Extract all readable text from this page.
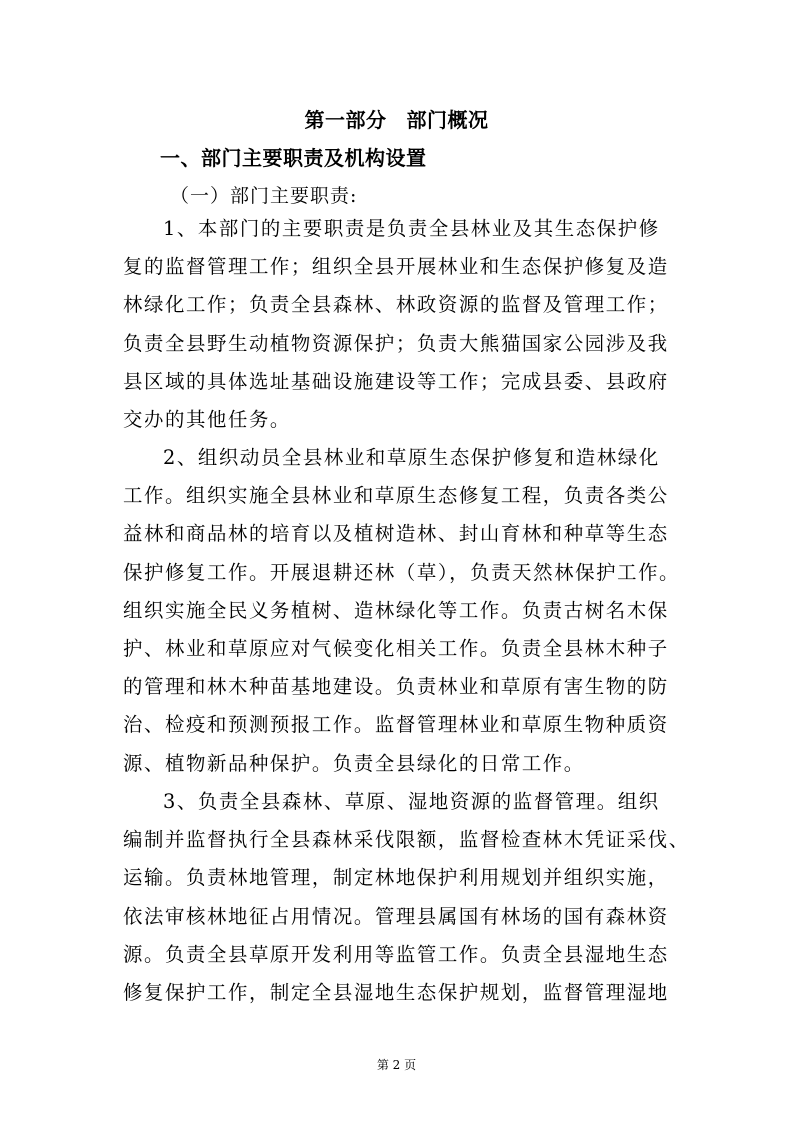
第一部分 部门概况
一、部门主要职责及机构设置
（一）部门主要职责:
1、本部门的主要职责是负责全县林业及其生态保护修
复的监督管理工作；组织全县开展林业和生态保护修复及造
林绿化工作；负责全县森林、林政资源的监督及管理工作；
负责全县野生动植物资源保护；负责大熊猫国家公园涉及我
县区域的具体选址基础设施建设等工作；完成县委、县政府
交办的其他任务。
2、组织动员全县林业和草原生态保护修复和造林绿化
工作。组织实施全县林业和草原生态修复工程，负责各类公
益林和商品林的培育以及植树造林、封山育林和种草等生态
保护修复工作。开展退耕还林（草），负责天然林保护工作。
组织实施全民义务植树、造林绿化等工作。负责古树名木保
护、林业和草原应对气候变化相关工作。负责全县林木种子
的管理和林木种苗基地建设。负责林业和草原有害生物的防
治、检疫和预测预报工作。监督管理林业和草原生物种质资
源、植物新品种保护。负责全县绿化的日常工作。
3、负责全县森林、草原、湿地资源的监督管理。组织
编制并监督执行全县森林采伐限额，监督检查林木凭证采伐、
运输。负责林地管理，制定林地保护利用规划并组织实施，
依法审核林地征占用情况。管理县属国有林场的国有森林资
源。负责全县草原开发利用等监管工作。负责全县湿地生态
修复保护工作，制定全县湿地生态保护规划，监督管理湿地
第 2 页
